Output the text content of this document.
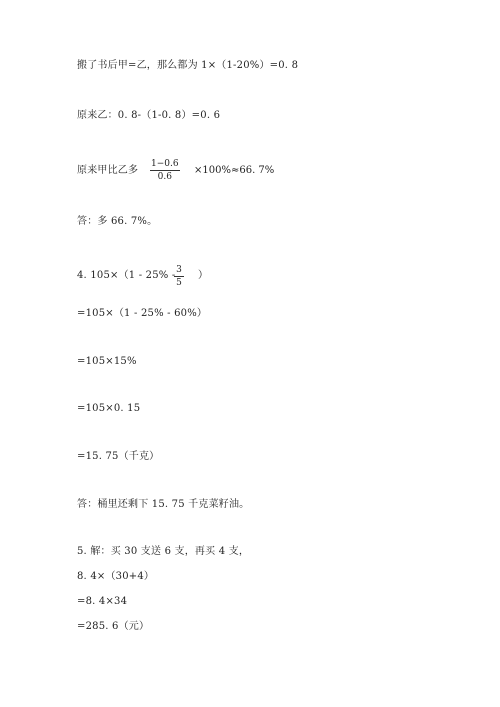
搬了书后甲=乙，那么都为 1×（1-20%）=0. 8
原来乙：0. 8-（1-0. 8）=0. 6
原来甲比乙多
1−0.6
0.6
×100%≈66. 7%
答：多 66. 7%。
4. 105×（1 - 25% - 3
5
）
=105×（1 - 25% - 60%）
=105×15%
=105×0. 15
=15. 75（千克）
答：桶里还剩下 15. 75 千克菜籽油。
5. 解：买 30 支送 6 支，再买 4 支，
8. 4×（30+4）
=8. 4×34
=285. 6（元）
